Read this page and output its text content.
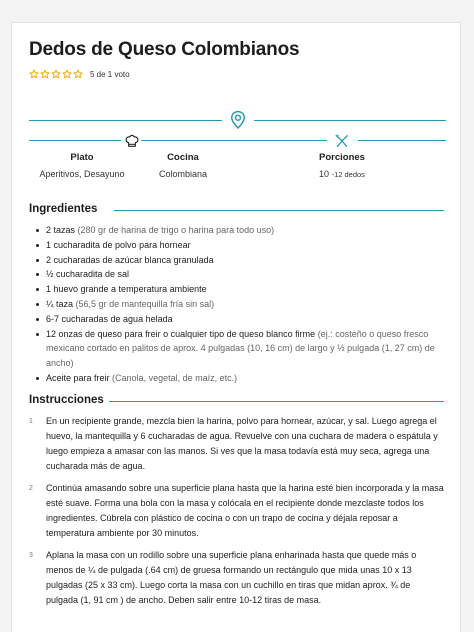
Dedos de Queso Colombianos
5 de 1 voto
Plato
Aperitivos, Desayuno
Cocina
Colombiana
Porciones
10 -12 dedos
Ingredientes
2 tazas (280 gr de harina de trigo o harina para todo uso)
1 cucharadita de polvo para hornear
2 cucharadas de azúcar blanca granulada
½ cucharadita de sal
1 huevo grande a temperatura ambiente
¼ taza (56,5 gr de mantequilla fría sin sal)
6-7 cucharadas de agua helada
12 onzas de queso para freir o cualquier tipo de queso blanco firme (ej.: costeño o queso fresco mexicano cortado en palitos de aprox. 4 pulgadas (10, 16 cm) de largo y ½ pulgada (1, 27 cm) de ancho)
Aceite para freir (Canola, vegetal, de maíz, etc.)
Instrucciones
1 En un recipiente grande, mezcla bien la harina, polvo para hornear, azúcar, y sal. Luego agrega el huevo, la mantequilla y 6 cucharadas de agua. Revuelve con una cuchara de madera o espátula y luego empieza a amasar con las manos. Si ves que la masa todavía está muy seca, agrega una cucharada más de agua.
2 Continúa amasando sobre una superficie plana hasta que la harina esté bien incorporada y la masa esté suave. Forma una bola con la masa y colócala en el recipiente donde mezclaste todos los ingredientes. Cúbrela con plástico de cocina o con un trapo de cocina y déjala reposar a temperatura ambiente por 30 minutos.
3 Aplana la masa con un rodillo sobre una superficie plana enharinada hasta que quede más o menos de ¼ de pulgada (.64 cm) de gruesa formando un rectángulo que mida unas 10 x 13 pulgadas (25 x 33 cm). Luego corta la masa con un cuchillo en tiras que midan aprox. ¾ de pulgada (1, 91 cm ) de ancho. Deben salir entre 10-12 tiras de masa.
